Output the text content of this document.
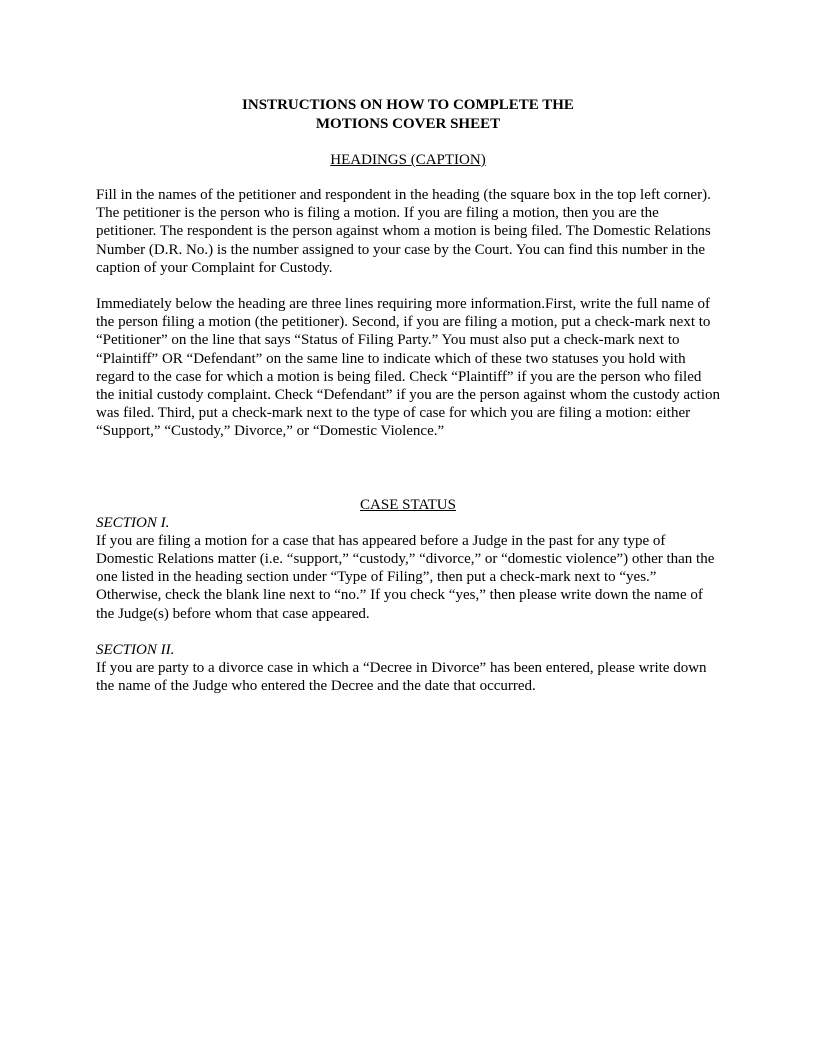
INSTRUCTIONS ON HOW TO COMPLETE THE
MOTIONS COVER SHEET
HEADINGS (CAPTION)

Fill in the names of the petitioner and respondent in the heading (the square box in the top left corner). The petitioner is the person who is filing a motion. If you are filing a motion, then you are the petitioner. The respondent is the person against whom a motion is being filed. The Domestic Relations Number (D.R. No.) is the number assigned to your case by the Court. You can find this number in the caption of your Complaint for Custody.

Immediately below the heading are three lines requiring more information.First, write the full name of the person filing a motion (the petitioner). Second, if you are filing a motion, put a check-mark next to “Petitioner” on the line that says “Status of Filing Party.” You must also put a check-mark next to “Plaintiff” OR “Defendant” on the same line to indicate which of these two statuses you hold with regard to the case for which a motion is being filed. Check “Plaintiff” if you are the person who filed the initial custody complaint. Check “Defendant” if you are the person against whom the custody action was filed. Third, put a check-mark next to the type of case for which you are filing a motion: either “Support,” “Custody,” Divorce,” or “Domestic Violence.”

CASE STATUS

SECTION I.

If you are filing a motion for a case that has appeared before a Judge in the past for any type of Domestic Relations matter (i.e. “support,” “custody,” “divorce,” or “domestic violence”) other than the one listed in the heading section under “Type of Filing”, then put a check-mark next to “yes.” Otherwise, check the blank line next to “no.” If you check “yes,” then please write down the name of the Judge(s) before whom that case appeared.

SECTION II.

If you are party to a divorce case in which a “Decree in Divorce” has been entered, please write down the name of the Judge who entered the Decree and the date that occurred.
